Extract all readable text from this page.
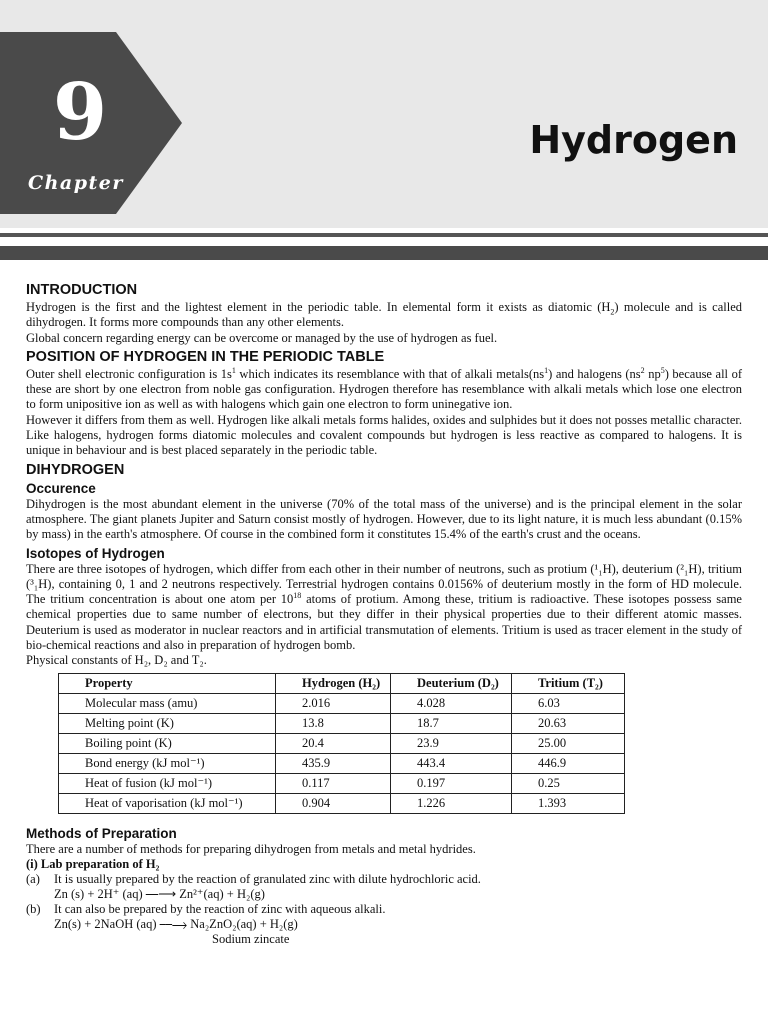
9
Chapter
Hydrogen
INTRODUCTION

Hydrogen is the first and the lightest element in the periodic table. In elemental form it exists as diatomic $(H_2)$ molecule and is called dihydrogen. It forms more compounds than any other elements.

Global concern regarding energy can be overcome or managed by the use of hydrogen as fuel.

POSITION OF HYDROGEN IN THE PERIODIC TABLE

Outer shell electronic configuration is $1s^1$ which indicates its resemblance with that of alkali $metals(ns^1)$ and halogens ($ns^2$ $np^5$) because all of these are short by one electron from noble gas configuration. Hydrogen therefore has resemblance with alkali metals which lose one electron to form unipositive ion as well as with halogens which gain one electron to form uninegative ion.

However it differs from them as well. Hydrogen like alkali metals forms halides, oxides and sulphides but it does not posses metallic character. Like halogens, hydrogen forms diatomic molecules and covalent compounds but hydrogen is less reactive as compared to halogens. It is unique in behaviour and is best placed separately in the periodic table.

DIHYDROGEN
Occurence

Dihydrogen is the most abundant element in the universe (70% of the total mass of the universe) and is the principal element in the solar atmosphere. The giant planets Jupiter and Saturn consist mostly of hydrogen. However, due to its light nature, it is much less abundant (0.15% by mass) in the earth's atmosphere. Of course in the combined form it constitutes 15.4% of the earth's crust and the oceans.

Isotopes of Hydrogen

There are three isotopes of hydrogen, which differ from each other in their number of neutrons, such as protium (¹₁H), deuterium (²₁H), tritium (³₁H), containing 0, 1 and 2 neutrons respectively. Terrestrial hydrogen contains 0.0156% of deuterium mostly in the form of HD molecule. The tritium concentration is about one atom per $10^{18}$ atoms of protium. Among these, tritium is radioactive. These isotopes possess same chemical properties due to same number of electrons, but they differ in their physical properties due to their different atomic masses. Deuterium is used as moderator in nuclear reactors and in artificial transmutation of elements. Tritium is used as tracer element in the study of bio-chemical reactions and also in preparation of hydrogen bomb.

Physical constants of H₂, D₂ and T₂.

Property	Hydrogen (H₂)	Deuterium (D₂)	Tritium (T₂)
Molecular mass (amu)	2.016	4.028	6.03
Melting point (K)	13.8	18.7	20.63
Boiling point (K)	20.4	23.9	25.00
Bond energy (kJ mol⁻¹)	435.9	443.4	446.9
Heat of fusion (kJ mol⁻¹)	0.117	0.197	0.25
Heat of vaporisation (kJ mol⁻¹)	0.904	1.226	1.393
Methods of Preparation

There are a number of methods for preparing dihydrogen from metals and metal hydrides.

(i) Lab preparation of H₂
(a)	It is usually prepared by the reaction of granulated zinc with dilute hydrochloric acid.
Zn (s) + 2H⁺ (aq) ⎯⎯⟶ Zn²⁺(aq) + H₂(g)
(b)	It can also be prepared by the reaction of zinc with aqueous alkali.
Zn(s) + 2NaOH (aq) ⎯⎯⟶ Na₂ZnO₂(aq) + H₂(g)
Sodium zincate
